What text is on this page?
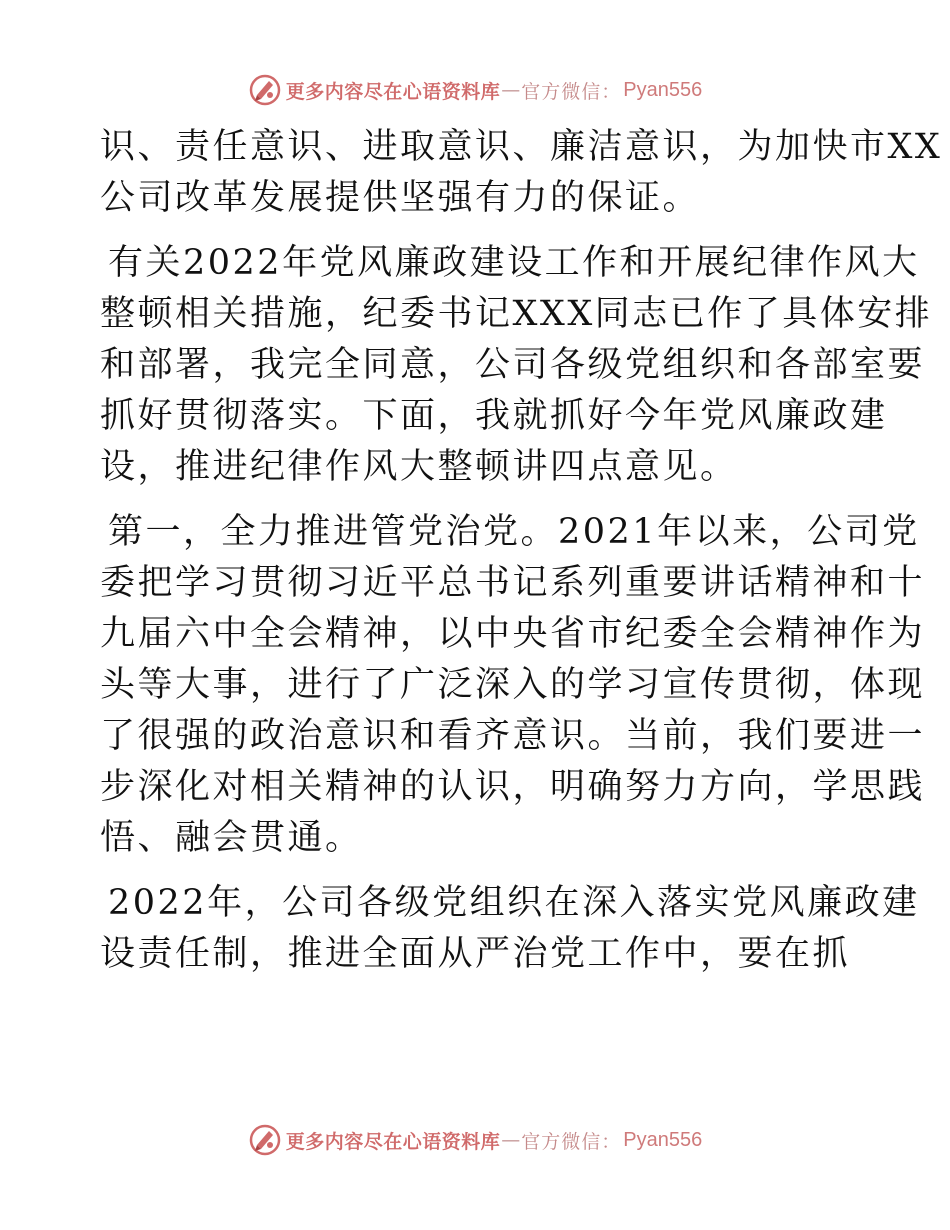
更多内容尽在心语资料库 — 官方微信： Pyan556
识、责任意识、进取意识、廉洁意识，为加快市XX
公司改革发展提供坚强有力的保证。
有关2022年党风廉政建设工作和开展纪律作风大
整顿相关措施，纪委书记XXX同志已作了具体安排
和部署，我完全同意，公司各级党组织和各部室要
抓好贯彻落实。下面，我就抓好今年党风廉政建
设，推进纪律作风大整顿讲四点意见。
第一，全力推进管党治党。2021年以来，公司党
委把学习贯彻习近平总书记系列重要讲话精神和十
九届六中全会精神，以中央省市纪委全会精神作为
头等大事，进行了广泛深入的学习宣传贯彻，体现
了很强的政治意识和看齐意识。当前，我们要进一
步深化对相关精神的认识，明确努力方向，学思践
悟、融会贯通。
2022年，公司各级党组织在深入落实党风廉政建
设责任制，推进全面从严治党工作中，要在抓
更多内容尽在心语资料库 — 官方微信： Pyan556
